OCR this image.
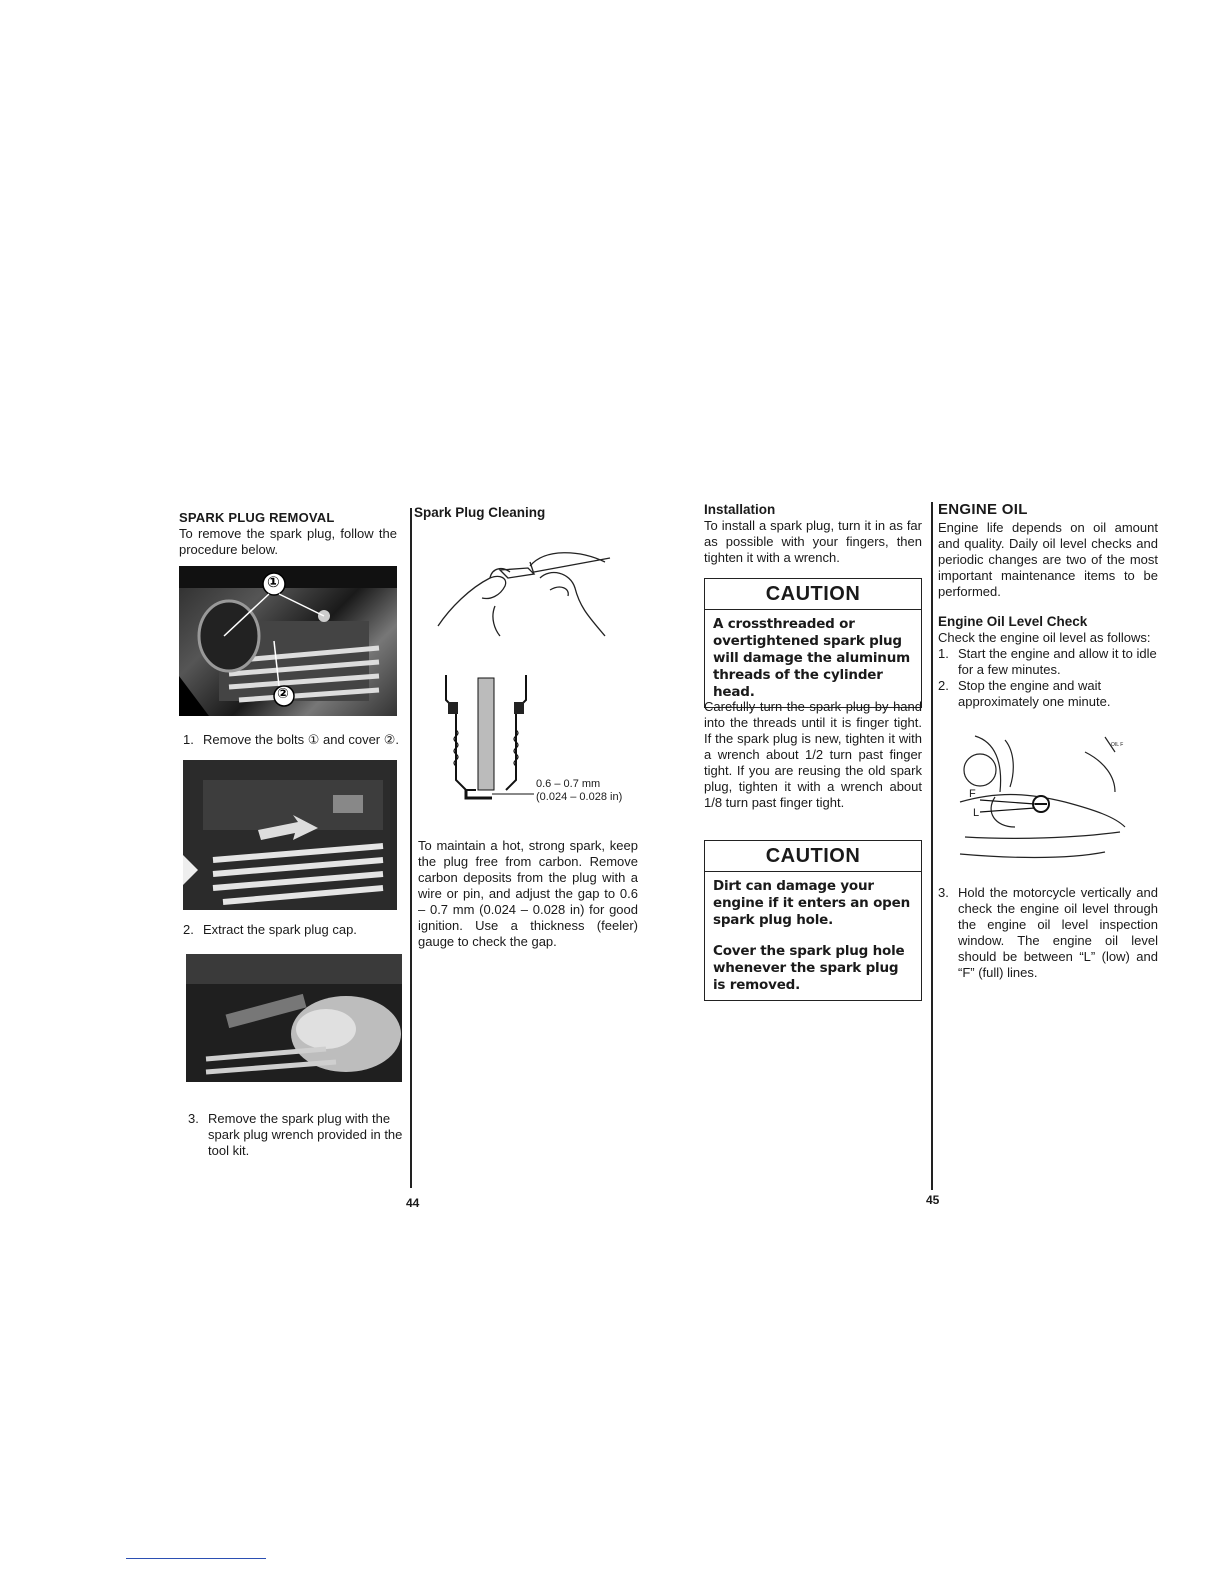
SPARK PLUG REMOVAL

To remove the spark plug, follow the procedure below.

①
②
1. Remove the bolts ① and cover ②.
2. Extract the spark plug cap.
3. Remove the spark plug with the spark plug wrench provided in the tool kit.
Spark Plug Cleaning
0.6 – 0.7 mm
(0.024 – 0.028 in)

To maintain a hot, strong spark, keep the plug free from carbon. Remove carbon deposits from the plug with a wire or pin, and adjust the gap to 0.6 – 0.7 mm (0.024 – 0.028 in) for good ignition. Use a thickness (feeler) gauge to check the gap.

44
Installation

To install a spark plug, turn it in as far as possible with your fingers, then tighten it with a wrench.

CAUTION
A crossthreaded or overtightened spark plug will damage the aluminum threads of the cylinder head.

Carefully turn the spark plug by hand into the threads until it is finger tight. If the spark plug is new, tighten it with a wrench about 1/2 turn past finger tight. If you are reusing the old spark plug, tighten it with a wrench about 1/8 turn past finger tight.

CAUTION
Dirt can damage your engine if it enters an open spark plug hole.
Cover the spark plug hole whenever the spark plug is removed.
ENGINE OIL

Engine life depends on oil amount and quality. Daily oil level checks and periodic changes are two of the most important maintenance items to be performed.

Engine Oil Level Check

Check the engine oil level as follows:

1. Start the engine and allow it to idle for a few minutes.
2. Stop the engine and wait approximately one minute.
F
L
OIL F
3. Hold the motorcycle vertically and check the engine oil level through the engine oil level inspection window. The engine oil level should be between “L” (low) and “F” (full) lines.
45
